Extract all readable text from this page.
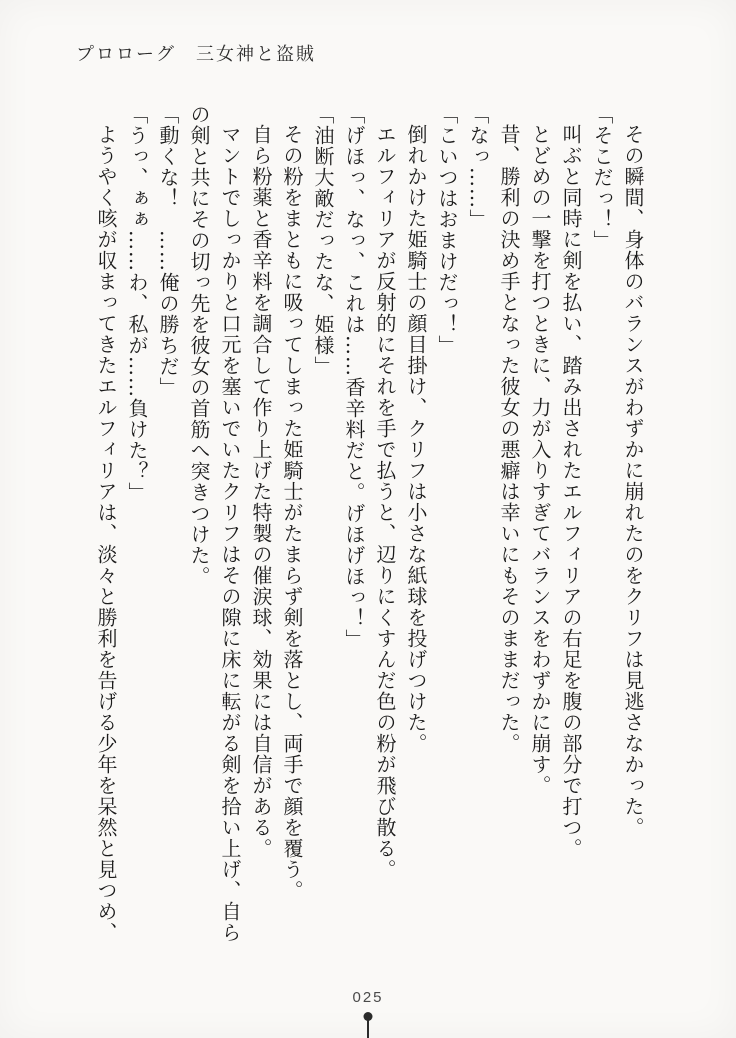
プロローグ　三女神と盗賊

その瞬間、身体のバランスがわずかに崩れたのをクリフは見逃さなかった。

「そこだっ！」

叫ぶと同時に剣を払い、踏み出されたエルフィリアの右足を腹の部分で打つ。

とどめの一撃を打つときに、力が入りすぎてバランスをわずかに崩す。

昔、勝利の決め手となった彼女の悪癖は幸いにもそのままだった。

「なっ……」

「こいつはおまけだっ！」

倒れかけた姫騎士の顔目掛け、クリフは小さな紙球を投げつけた。

エルフィリアが反射的にそれを手で払うと、辺りにくすんだ色の粉が飛び散る。

「げほっ、なっ、これは……香辛料だと。げほげほっ！」

「油断大敵だったな、姫様」

その粉をまともに吸ってしまった姫騎士がたまらず剣を落とし、両手で顔を覆う。

自ら粉薬と香辛料を調合して作り上げた特製の催涙球、効果には自信がある。

マントでしっかりと口元を塞いでいたクリフはその隙に床に転がる剣を拾い上げ、自らの剣と共にその切っ先を彼女の首筋へ突きつけた。

「動くな！　……俺の勝ちだ」

「うっ、ぁぁ……わ、私が……負けた？」

ようやく咳が収まってきたエルフィリアは、淡々と勝利を告げる少年を呆然と見つめ、

025
